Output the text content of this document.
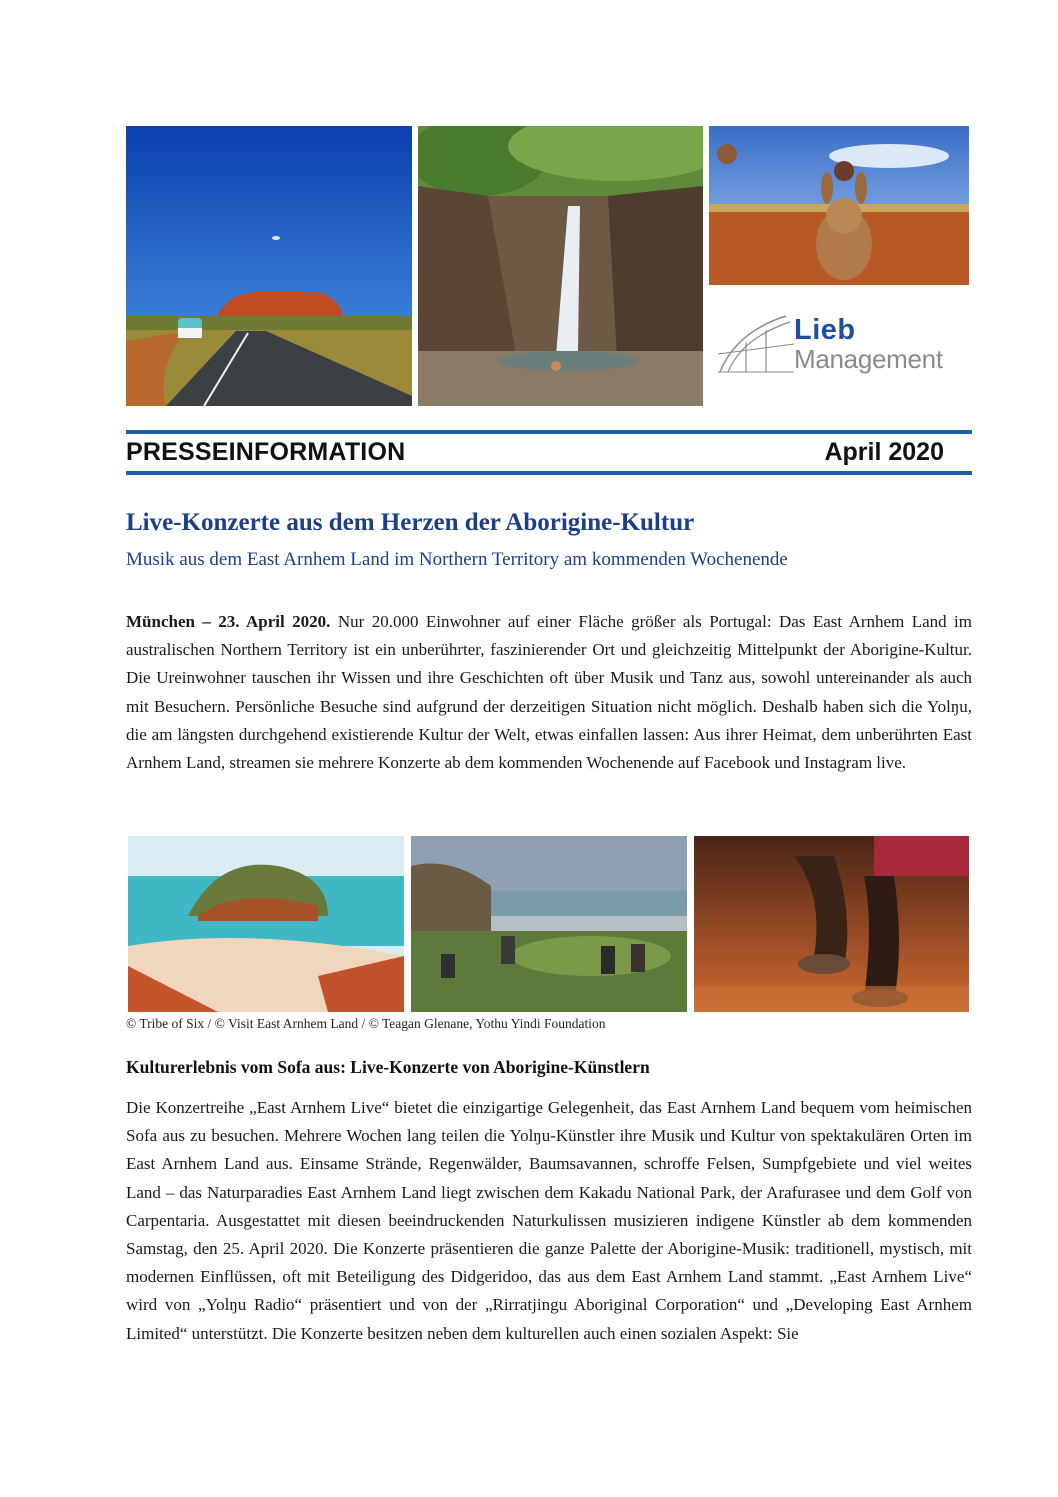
Lieb
Management
PRESSEINFORMATION	April 2020
Live-Konzerte aus dem Herzen der Aborigine-Kultur
Musik aus dem East Arnhem Land im Northern Territory am kommenden Wochenende
München – 23. April 2020. Nur 20.000 Einwohner auf einer Fläche größer als Portugal: Das East Arnhem Land im australischen Northern Territory ist ein unberührter, faszinierender Ort und gleichzeitig Mittelpunkt der Aborigine-Kultur. Die Ureinwohner tauschen ihr Wissen und ihre Geschichten oft über Musik und Tanz aus, sowohl untereinander als auch mit Besuchern. Persönliche Besuche sind aufgrund der derzeitigen Situation nicht möglich. Deshalb haben sich die Yolŋu, die am längsten durchgehend existierende Kultur der Welt, etwas einfallen lassen: Aus ihrer Heimat, dem unberührten East Arnhem Land, streamen sie mehrere Konzerte ab dem kommenden Wochenende auf Facebook und Instagram live.
© Tribe of Six / © Visit East Arnhem Land / © Teagan Glenane, Yothu Yindi Foundation
Kulturerlebnis vom Sofa aus: Live-Konzerte von Aborigine-Künstlern
Die Konzertreihe „East Arnhem Live“ bietet die einzigartige Gelegenheit, das East Arnhem Land bequem vom heimischen Sofa aus zu besuchen. Mehrere Wochen lang teilen die Yolŋu-Künstler ihre Musik und Kultur von spektakulären Orten im East Arnhem Land aus. Einsame Strände, Regenwälder, Baumsavannen, schroffe Felsen, Sumpfgebiete und viel weites Land – das Naturparadies East Arnhem Land liegt zwischen dem Kakadu National Park, der Arafurasee und dem Golf von Carpentaria. Ausgestattet mit diesen beeindruckenden Naturkulissen musizieren indigene Künstler ab dem kommenden Samstag, den 25. April 2020. Die Konzerte präsentieren die ganze Palette der Aborigine-Musik: traditionell, mystisch, mit modernen Einflüssen, oft mit Beteiligung des Didgeridoo, das aus dem East Arnhem Land stammt. „East Arnhem Live“ wird von „Yolŋu Radio“ präsentiert und von der „Rirratjingu Aboriginal Corporation“ und „Developing East Arnhem Limited“ unterstützt. Die Konzerte besitzen neben dem kulturellen auch einen sozialen Aspekt: Sie
